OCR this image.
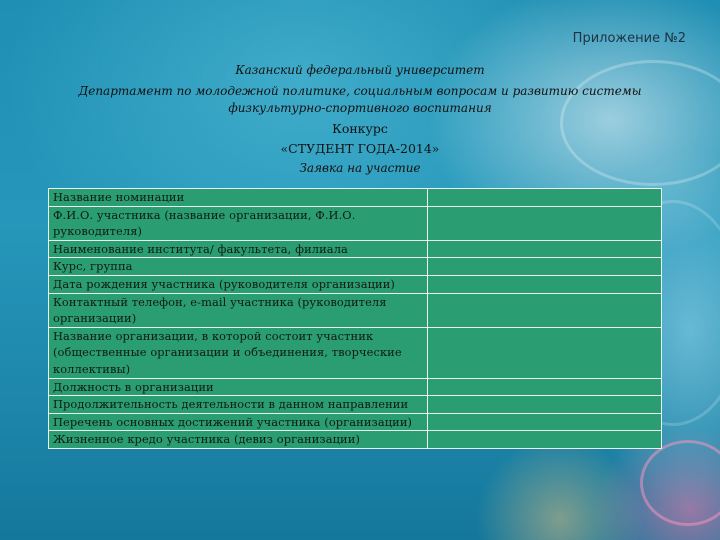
Приложение №2
Казанский федеральный университет
Департамент по молодежной политике, социальным вопросам и развитию системы
физкультурно-спортивного воспитания
Конкурс
«СТУДЕНТ ГОДА-2014»
Заявка на участие
Название номинации	
Ф.И.О. участника (название организации, Ф.И.О. руководителя)	
Наименование института/ факультета, филиала	
Курс, группа	
Дата рождения участника (руководителя организации)	
Контактный телефон, e-mail участника (руководителя организации)	
Название организации, в которой состоит участник (общественные организации и объединения, творческие коллективы)	
Должность в организации	
Продолжительность деятельности в данном направлении	
Перечень основных достижений участника (организации)	
Жизненное кредо участника (девиз организации)	
